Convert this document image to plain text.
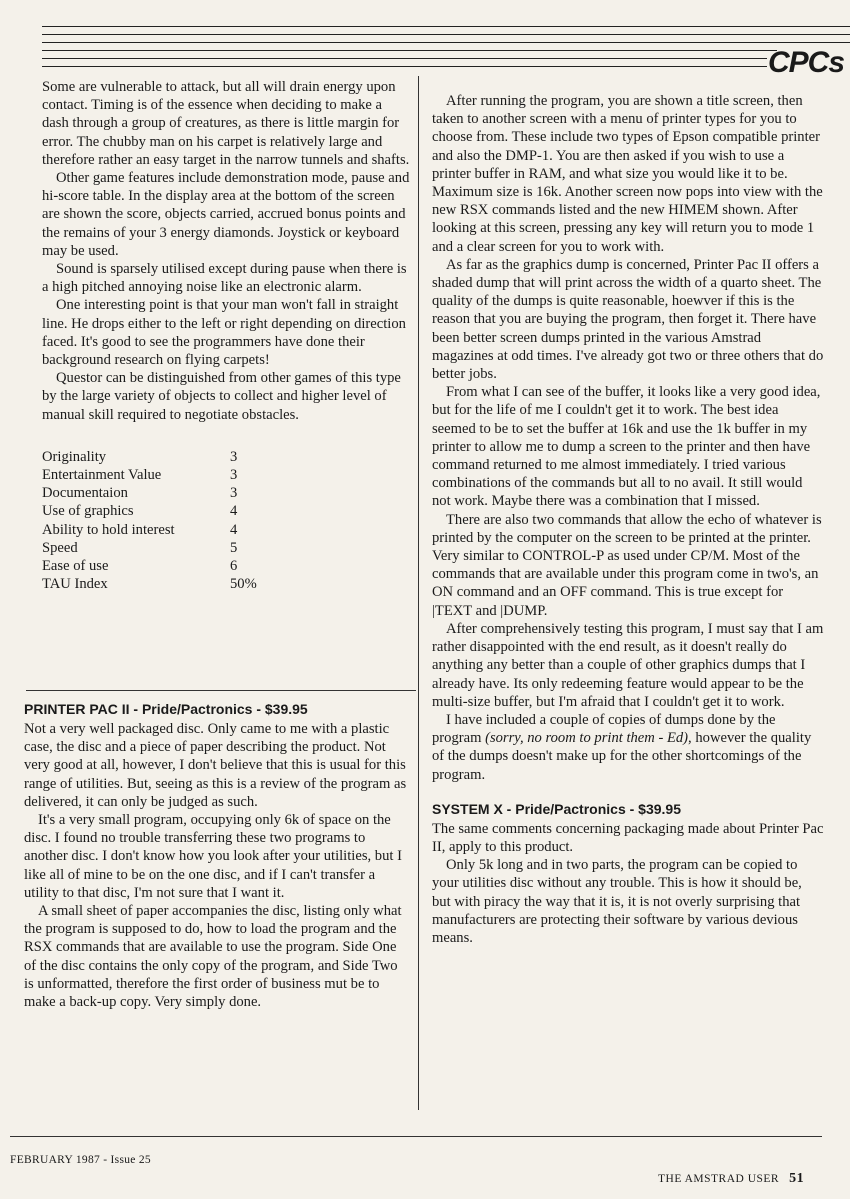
CPCs

Some are vulnerable to attack, but all will drain energy upon contact. Timing is of the essence when deciding to make a dash through a group of creatures, as there is little margin for error. The chubby man on his carpet is relatively large and therefore rather an easy target in the narrow tunnels and shafts.

Other game features include demonstration mode, pause and hi-score table. In the display area at the bottom of the screen are shown the score, objects carried, accrued bonus points and the remains of your 3 energy diamonds. Joystick or keyboard may be used.

Sound is sparsely utilised except during pause when there is a high pitched annoying noise like an electronic alarm.

One interesting point is that your man won't fall in straight line. He drops either to the left or right depending on direction faced. It's good to see the programmers have done their background research on flying carpets!

Questor can be distinguished from other games of this type by the large variety of objects to collect and higher level of manual skill required to negotiate obstacles.

Originality	3
Entertainment Value	3
Documentaion	3
Use of graphics	4
Ability to hold interest	4
Speed	5
Ease of use	6
TAU Index	50%
PRINTER PAC II - Pride/Pactronics - $39.95

Not a very well packaged disc. Only came to me with a plastic case, the disc and a piece of paper describing the product. Not very good at all, however, I don't believe that this is usual for this range of utilities. But, seeing as this is a review of the program as delivered, it can only be judged as such.

It's a very small program, occupying only 6k of space on the disc. I found no trouble transferring these two programs to another disc. I don't know how you look after your utilities, but I like all of mine to be on the one disc, and if I can't transfer a utility to that disc, I'm not sure that I want it.

A small sheet of paper accompanies the disc, listing only what the program is supposed to do, how to load the program and the RSX commands that are available to use the program. Side One of the disc contains the only copy of the program, and Side Two is unformatted, therefore the first order of business mut be to make a back-up copy. Very simply done.

After running the program, you are shown a title screen, then taken to another screen with a menu of printer types for you to choose from. These include two types of Epson compatible printer and also the DMP-1. You are then asked if you wish to use a printer buffer in RAM, and what size you would like it to be. Maximum size is 16k. Another screen now pops into view with the new RSX commands listed and the new HIMEM shown. After looking at this screen, pressing any key will return you to mode 1 and a clear screen for you to work with.

As far as the graphics dump is concerned, Printer Pac II offers a shaded dump that will print across the width of a quarto sheet. The quality of the dumps is quite reasonable, hoewver if this is the reason that you are buying the program, then forget it. There have been better screen dumps printed in the various Amstrad magazines at odd times. I've already got two or three others that do better jobs.

From what I can see of the buffer, it looks like a very good idea, but for the life of me I couldn't get it to work. The best idea seemed to be to set the buffer at 16k and use the 1k buffer in my printer to allow me to dump a screen to the printer and then have command returned to me almost immediately. I tried various combinations of the commands but all to no avail. It still would not work. Maybe there was a combination that I missed.

There are also two commands that allow the echo of whatever is printed by the computer on the screen to be printed at the printer. Very similar to CONTROL-P as used under CP/M. Most of the commands that are available under this program come in two's, an ON command and an OFF command. This is true except for |TEXT and |DUMP.

After comprehensively testing this program, I must say that I am rather disappointed with the end result, as it doesn't really do anything any better than a couple of other graphics dumps that I already have. Its only redeeming feature would appear to be the multi-size buffer, but I'm afraid that I couldn't get it to work.

I have included a couple of copies of dumps done by the program (sorry, no room to print them - Ed), however the quality of the dumps doesn't make up for the other shortcomings of the program.

SYSTEM X - Pride/Pactronics - $39.95

The same comments concerning packaging made about Printer Pac II, apply to this product.

Only 5k long and in two parts, the program can be copied to your utilities disc without any trouble. This is how it should be, but with piracy the way that it is, it is not overly surprising that manufacturers are protecting their software by various devious means.

FEBRUARY 1987 - Issue 25
THE AMSTRAD USER 51
